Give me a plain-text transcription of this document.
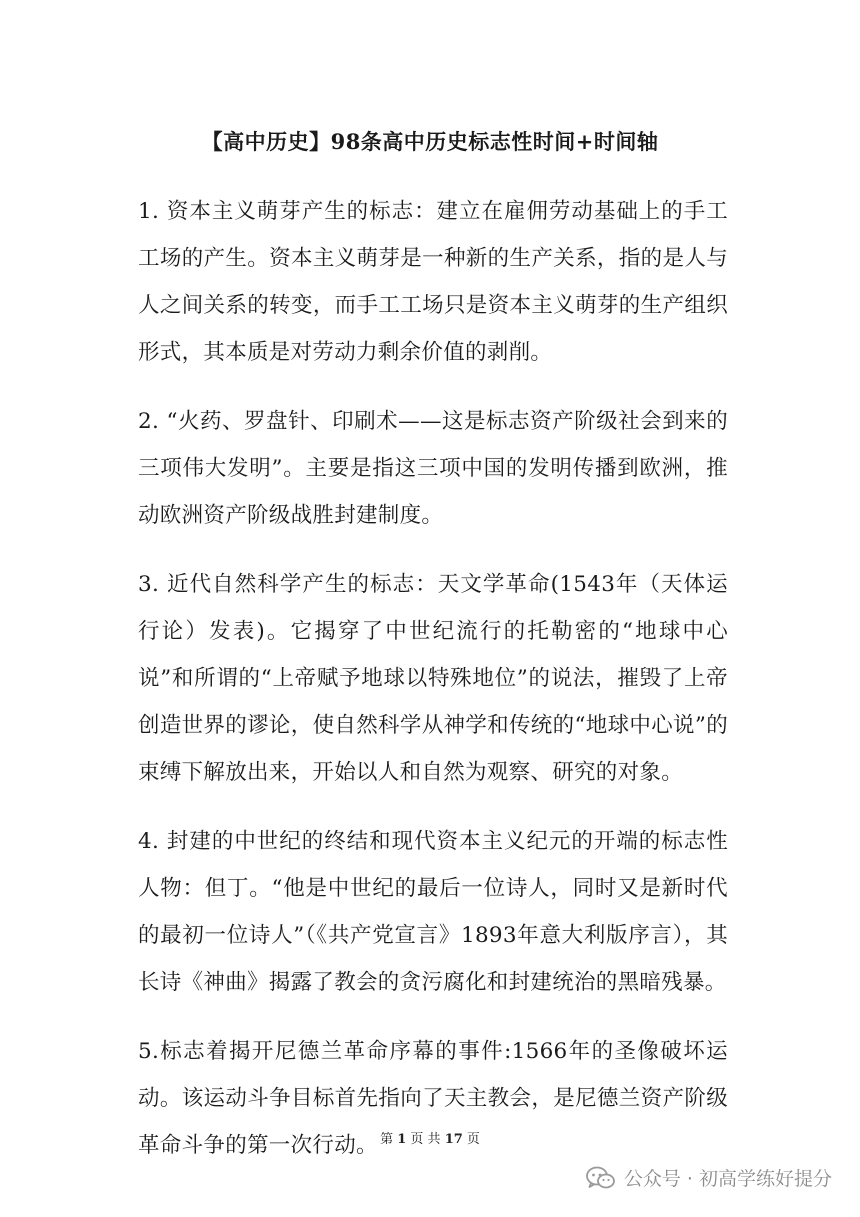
【高中历史】98条高中历史标志性时间+时间轴

1. 资本主义萌芽产生的标志：建立在雇佣劳动基础上的手工工场的产生。资本主义萌芽是一种新的生产关系，指的是人与人之间关系的转变，而手工工场只是资本主义萌芽的生产组织形式，其本质是对劳动力剩余价值的剥削。

2. “火药、罗盘针、印刷术——这是标志资产阶级社会到来的三项伟大发明”。主要是指这三项中国的发明传播到欧洲，推动欧洲资产阶级战胜封建制度。

3. 近代自然科学产生的标志：天文学革命(1543年（天体运行论）发表)。它揭穿了中世纪流行的托勒密的“地球中心说”和所谓的“上帝赋予地球以特殊地位”的说法，摧毁了上帝创造世界的谬论，使自然科学从神学和传统的“地球中心说”的束缚下解放出来，开始以人和自然为观察、研究的对象。

4. 封建的中世纪的终结和现代资本主义纪元的开端的标志性人物：但丁。“他是中世纪的最后一位诗人，同时又是新时代的最初一位诗人”（《共产党宣言》1893年意大利版序言），其长诗《神曲》揭露了教会的贪污腐化和封建统治的黑暗残暴。

5.标志着揭开尼德兰革命序幕的事件:1566年的圣像破坏运动。该运动斗争目标首先指向了天主教会，是尼德兰资产阶级革命斗争的第一次行动。 第 1 页 共 17 页
公众号 · 初高学练好提分
